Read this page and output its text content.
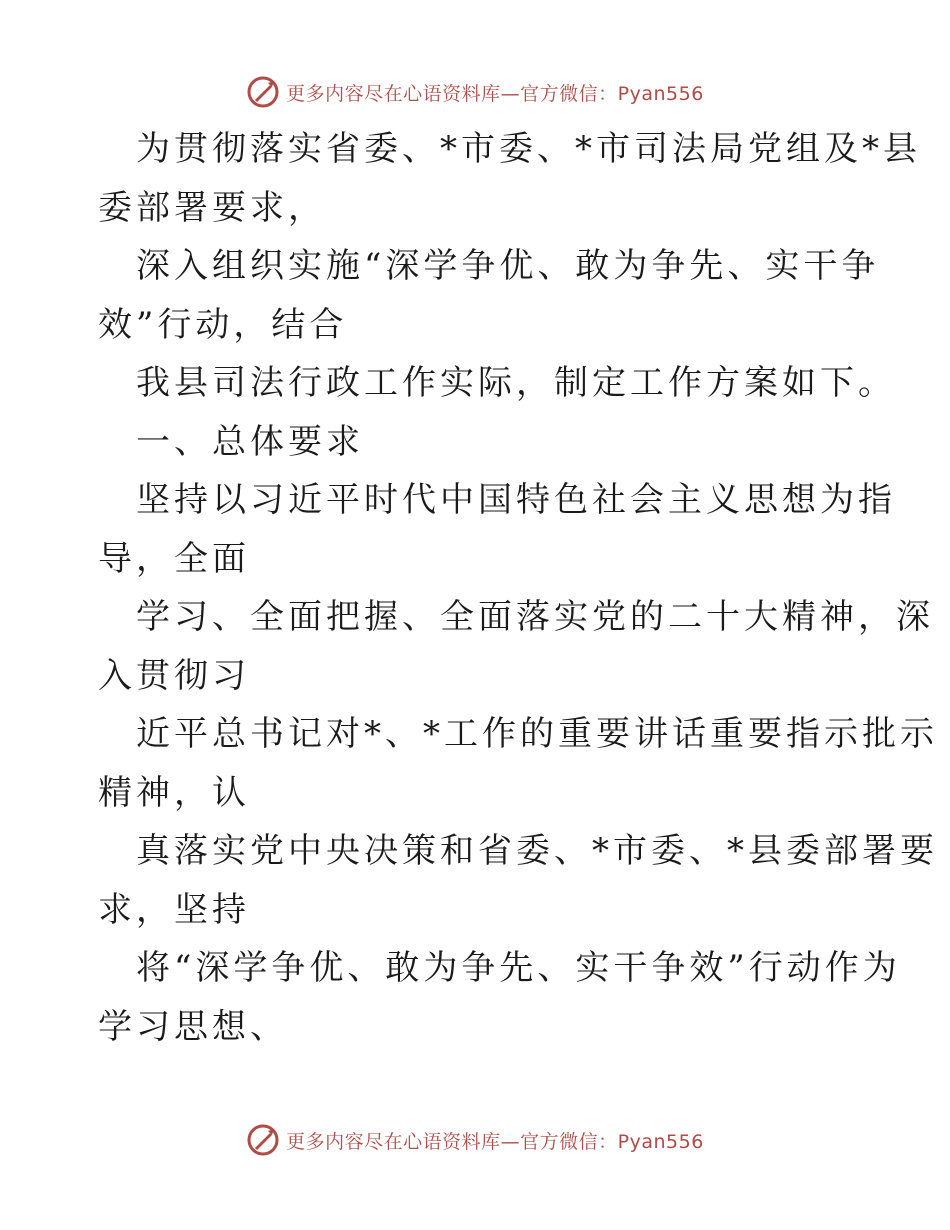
更多内容尽在心语资料库—官方微信：Pyan556
为贯彻落实省委、*市委、*市司法局党组及*县
委部署要求，
深入组织实施“深学争优、敢为争先、实干争
效”行动，结合
我县司法行政工作实际，制定工作方案如下。
一、总体要求
坚持以习近平时代中国特色社会主义思想为指
导，全面
学习、全面把握、全面落实党的二十大精神，深
入贯彻习
近平总书记对*、*工作的重要讲话重要指示批示
精神，认
真落实党中央决策和省委、*市委、*县委部署要
求，坚持
将“深学争优、敢为争先、实干争效”行动作为
学习思想、
更多内容尽在心语资料库—官方微信：Pyan556
